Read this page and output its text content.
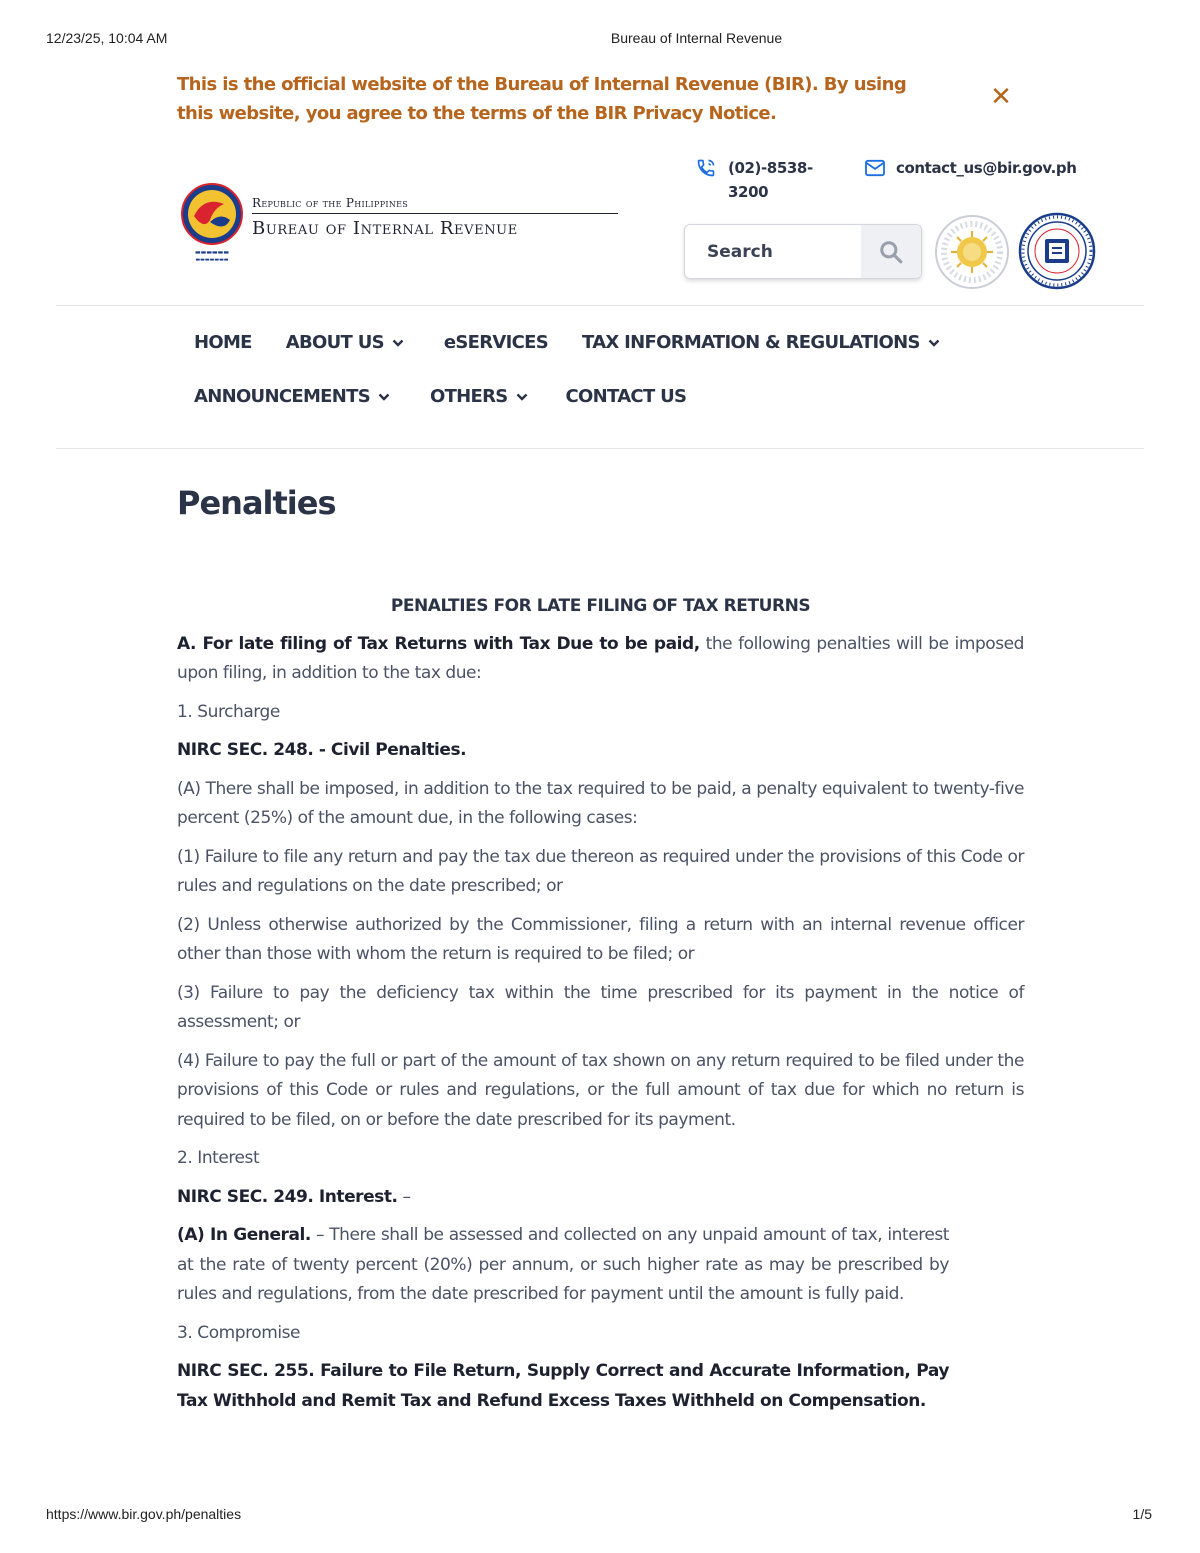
12/23/25, 10:04 AM	Bureau of Internal Revenue
This is the official website of the Bureau of Internal Revenue (BIR). By using this website, you agree to the terms of the BIR Privacy Notice.
✕
▬▬▬▬▬▬
▬▬▬▬▬▬▬
Republic of the Philippines
Bureau of Internal Revenue
(02)-8538-
3200
contact_us@bir.gov.ph
Search
HOME ABOUT US	eSERVICES TAX INFORMATION & REGULATIONS
ANNOUNCEMENTS	OTHERS	CONTACT US
Penalties

PENALTIES FOR LATE FILING OF TAX RETURNS

A. For late filing of Tax Returns with Tax Due to be paid, the following penalties will be imposed upon filing, in addition to the tax due:

1. Surcharge

NIRC SEC. 248. - Civil Penalties.

(A) There shall be imposed, in addition to the tax required to be paid, a penalty equivalent to twenty-five percent (25%) of the amount due, in the following cases:

(1) Failure to file any return and pay the tax due thereon as required under the provisions of this Code or rules and regulations on the date prescribed; or

(2) Unless otherwise authorized by the Commissioner, filing a return with an internal revenue officer other than those with whom the return is required to be filed; or

(3) Failure to pay the deficiency tax within the time prescribed for its payment in the notice of assessment; or

(4) Failure to pay the full or part of the amount of tax shown on any return required to be filed under the provisions of this Code or rules and regulations, or the full amount of tax due for which no return is required to be filed, on or before the date prescribed for its payment.

2. Interest

NIRC SEC. 249. Interest. –

(A) In General. – There shall be assessed and collected on any unpaid amount of tax, interest at the rate of twenty percent (20%) per annum, or such higher rate as may be prescribed by rules and regulations, from the date prescribed for payment until the amount is fully paid.

3. Compromise

NIRC SEC. 255. Failure to File Return, Supply Correct and Accurate Information, Pay Tax Withhold and Remit Tax and Refund Excess Taxes Withheld on Compensation.

https://www.bir.gov.ph/penalties	1/5
